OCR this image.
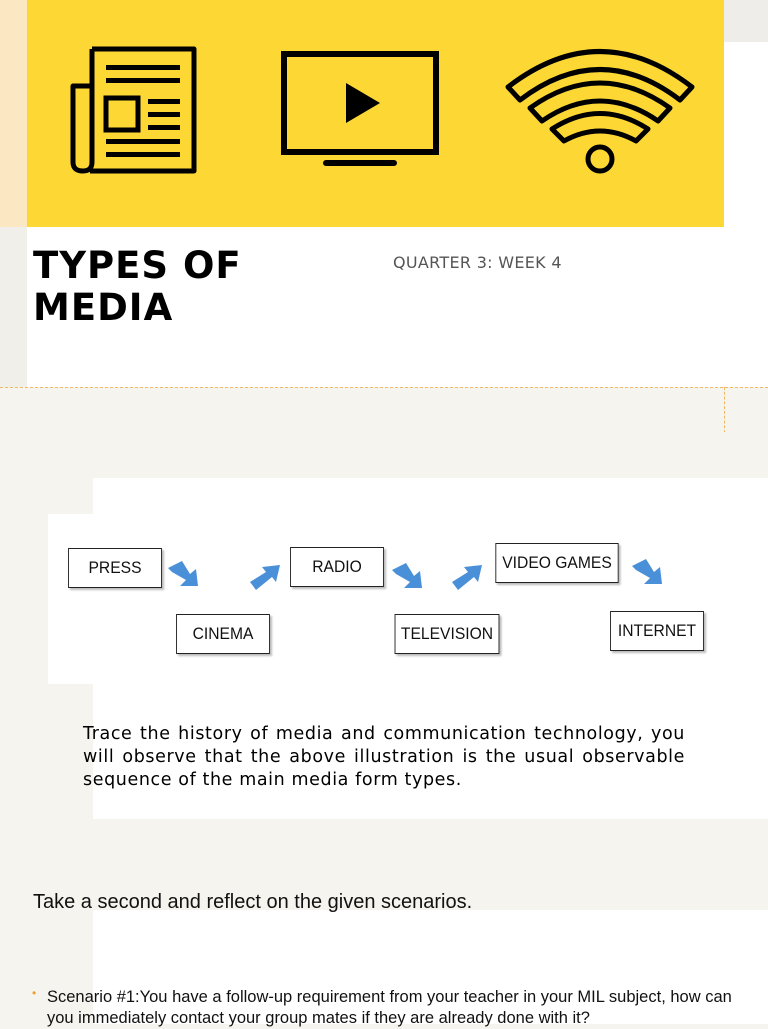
TYPES OF
MEDIA
QUARTER 3: WEEK 4
PRESS
CINEMA
RADIO
TELEVISION
VIDEO GAMES
INTERNET

Trace the history of media and communication technology, you will observe that the above illustration is the usual observable sequence of the main media form types.

Take a second and reflect on the given scenarios.
• Scenario #1:You have a follow-up requirement from your teacher in your MIL subject, how can you immediately contact your group mates if they are already done with it?
